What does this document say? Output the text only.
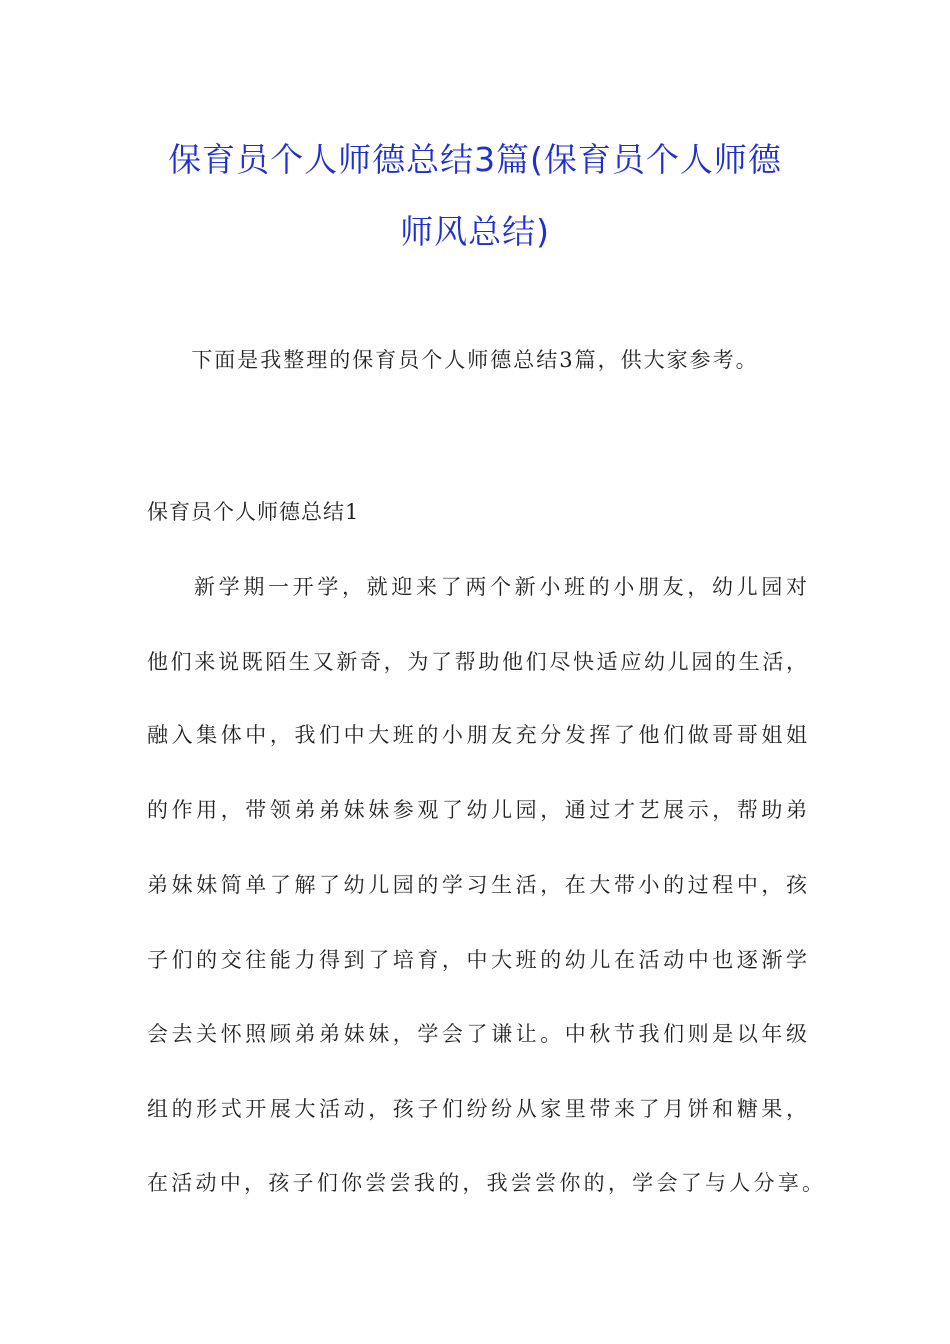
保育员个人师德总结3篇(保育员个人师德
师风总结)
下面是我整理的保育员个人师德总结3篇，供大家参考。
保育员个人师德总结1
新学期一开学，就迎来了两个新小班的小朋友，幼儿园对
他们来说既陌生又新奇，为了帮助他们尽快适应幼儿园的生活，
融入集体中，我们中大班的小朋友充分发挥了他们做哥哥姐姐
的作用，带领弟弟妹妹参观了幼儿园，通过才艺展示，帮助弟
弟妹妹简单了解了幼儿园的学习生活，在大带小的过程中，孩
子们的交往能力得到了培育，中大班的幼儿在活动中也逐渐学
会去关怀照顾弟弟妹妹，学会了谦让。中秋节我们则是以年级
组的形式开展大活动，孩子们纷纷从家里带来了月饼和糖果，
在活动中，孩子们你尝尝我的，我尝尝你的，学会了与人分享。
